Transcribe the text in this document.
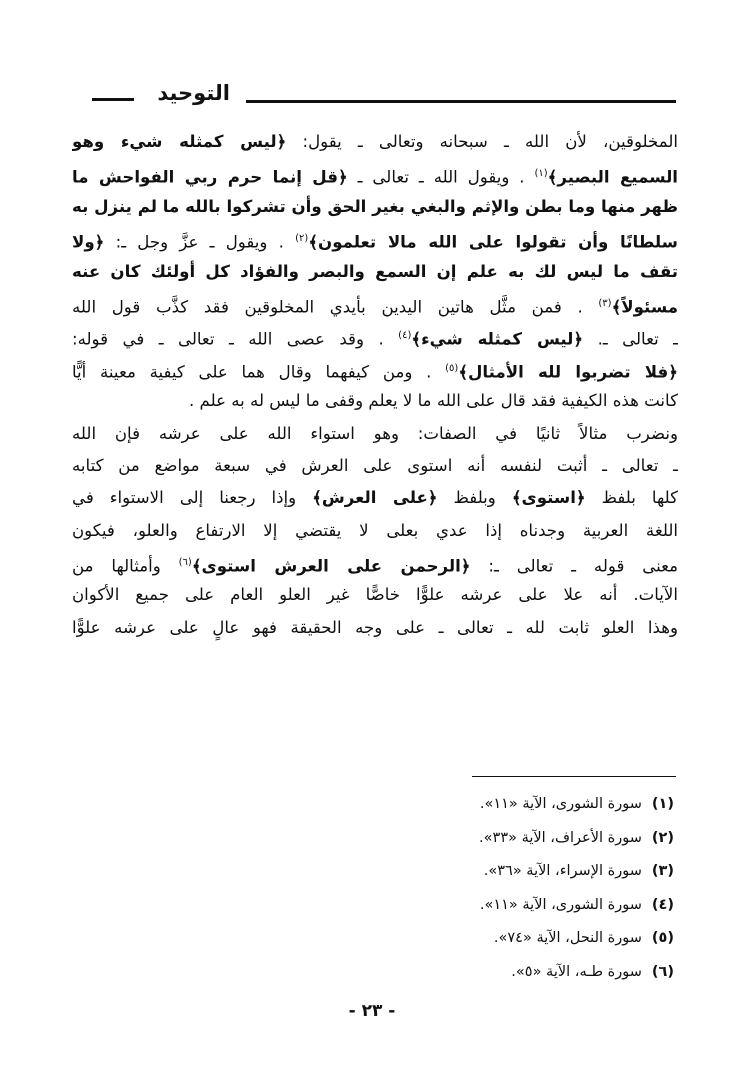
التوحيد
المخلوقين، لأن الله ـ سبحانه وتعالى ـ يقول: ﴿ليس كمثله شيء وهو
السميع البصير﴾$^{(١)}$ . ويقول الله ـ تعالى ـ ﴿قل إنما حرم ربي الفواحش ما
ظهر منها وما بطن والإثم والبغي بغير الحق وأن تشركوا بالله ما لم ينزل به
سلطانًا وأن تقولوا على الله مالا تعلمون﴾$^{(٢)}$ . ويقول ـ عزَّ وجل ـ: ﴿ولا
تقف ما ليس لك به علم إن السمع والبصر والفؤاد كل أولئك كان عنه
مسئولاً﴾$^{(٣)}$ . فمن مثَّل هاتين اليدين بأيدي المخلوقين فقد كذَّب قول الله
ـ تعالى ـ. ﴿ليس كمثله شيء﴾$^{(٤)}$ . وقد عصى الله ـ تعالى ـ في قوله:
﴿فلا تضربوا لله الأمثال﴾$^{(٥)}$ . ومن كيفهما وقال هما على كيفية معينة أيًّا
كانت هذه الكيفية فقد قال على الله ما لا يعلم وقفى ما ليس له به علم .
ونضرب مثالاً ثانيًا في الصفات: وهو استواء الله على عرشه فإن الله
ـ تعالى ـ أثبت لنفسه أنه استوى على العرش في سبعة مواضع من كتابه
كلها بلفظ ﴿استوى﴾ وبلفظ ﴿على العرش﴾ وإذا رجعنا إلى الاستواء في
اللغة العربية وجدناه إذا عدي بعلى لا يقتضي إلا الارتفاع والعلو، فيكون
معنى قوله ـ تعالى ـ: ﴿الرحمن على العرش استوى﴾$^{(٦)}$ وأمثالها من
الآيات. أنه علا على عرشه علوًّا خاصًّا غير العلو العام على جميع الأكوان
وهذا العلو ثابت لله ـ تعالى ـ على وجه الحقيقة فهو عالٍ على عرشه علوًّا
(١)سورة الشورى، الآية «١١».
(٢)سورة الأعراف، الآية «٣٣».
(٣)سورة الإسراء، الآية «٣٦».
(٤)سورة الشورى، الآية «١١».
(٥)سورة النحل، الآية «٧٤».
(٦)سورة طـه، الآية «٥».
- ٢٣ -
